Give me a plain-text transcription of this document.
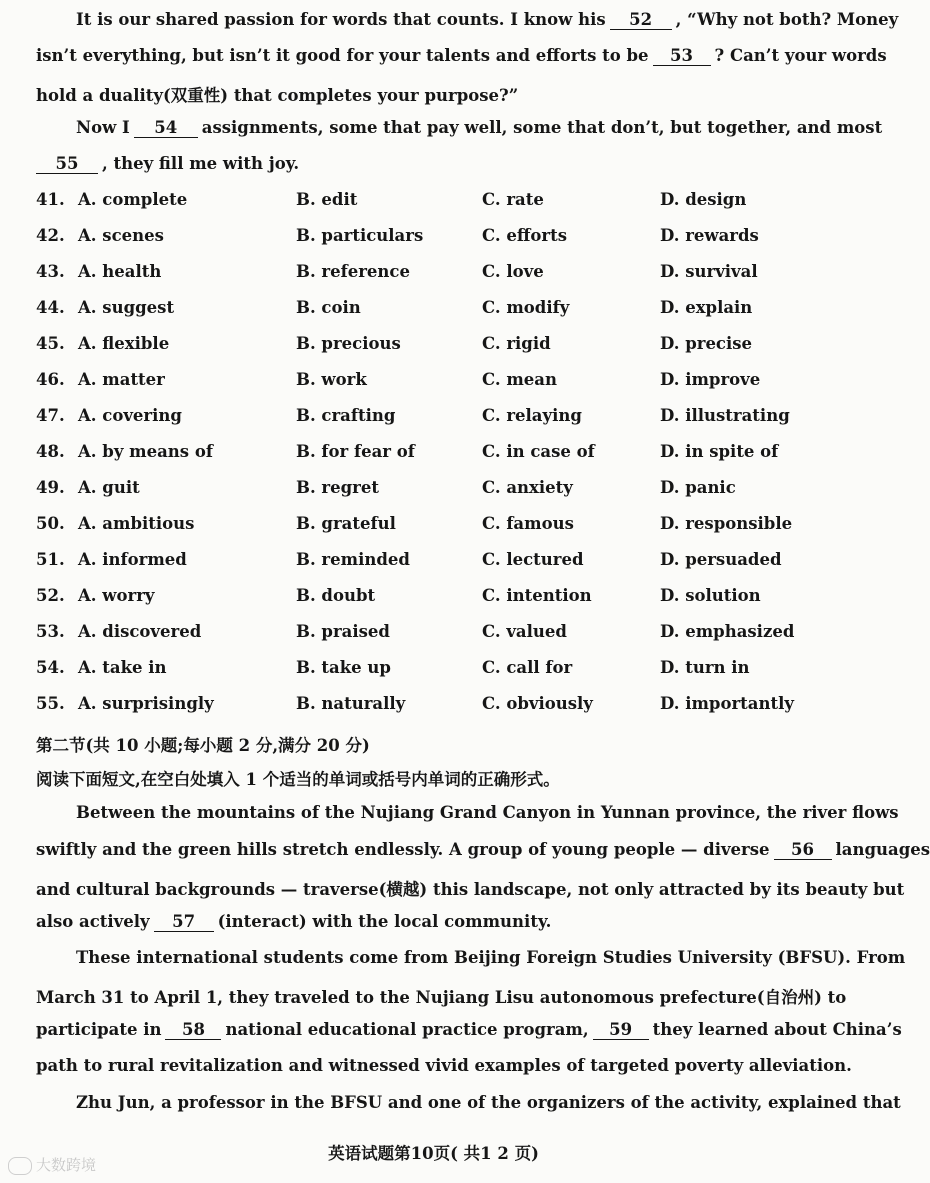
It is our shared passion for words that counts. I know his 52 , “Why not both? Money
isn’t everything, but isn’t it good for your talents and efforts to be 53 ? Can’t your words
hold a duality(双重性) that completes your purpose?”
Now I 54 assignments, some that pay well, some that don’t, but together, and most
55 , they fill me with joy.
41. A. complete	B. edit	C. rate	D. design
42. A. scenes	B. particulars	C. efforts	D. rewards
43. A. health	B. reference	C. love	D. survival
44. A. suggest	B. coin	C. modify	D. explain
45. A. flexible	B. precious	C. rigid	D. precise
46. A. matter	B. work	C. mean	D. improve
47. A. covering	B. crafting	C. relaying	D. illustrating
48. A. by means of	B. for fear of	C. in case of	D. in spite of
49. A. guit	B. regret	C. anxiety	D. panic
50. A. ambitious	B. grateful	C. famous	D. responsible
51. A. informed	B. reminded	C. lectured	D. persuaded
52. A. worry	B. doubt	C. intention	D. solution
53. A. discovered	B. praised	C. valued	D. emphasized
54. A. take in	B. take up	C. call for	D. turn in
55. A. surprisingly	B. naturally	C. obviously	D. importantly
第二节(共 10 小题;每小题 2 分,满分 20 分)
阅读下面短文,在空白处填入 1 个适当的单词或括号内单词的正确形式。
Between the mountains of the Nujiang Grand Canyon in Yunnan province, the river flows
swiftly and the green hills stretch endlessly. A group of young people — diverse 56 languages
and cultural backgrounds — traverse(横越) this landscape, not only attracted by its beauty but
also actively 57 (interact) with the local community.
These international students come from Beijing Foreign Studies University (BFSU). From
March 31 to April 1, they traveled to the Nujiang Lisu autonomous prefecture(自治州) to
participate in 58 national educational practice program, 59 they learned about China’s
path to rural revitalization and witnessed vivid examples of targeted poverty alleviation.
Zhu Jun, a professor in the BFSU and one of the organizers of the activity, explained that
英语试题第10页( 共1 2 页)
大数跨境
